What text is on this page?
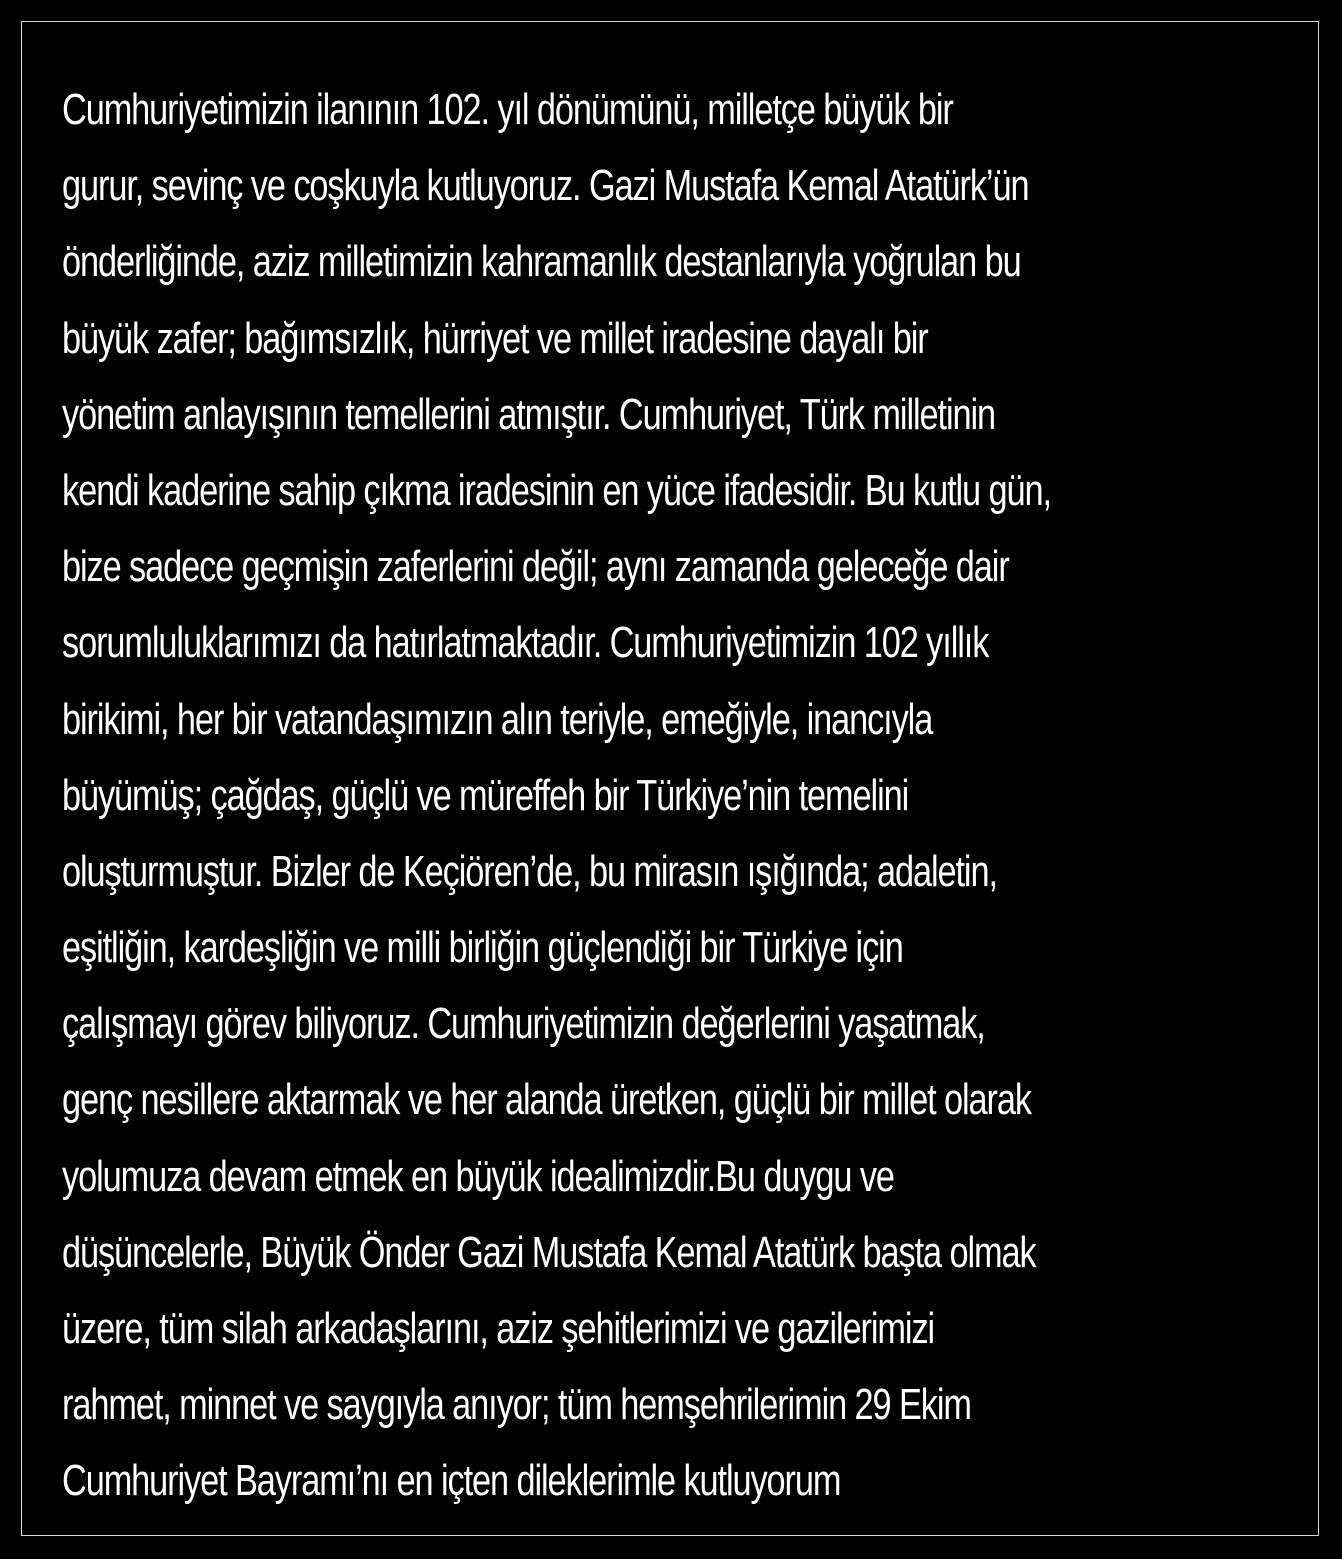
Cumhuriyetimizin ilanının 102. yıl dönümünü, milletçe büyük bir
gurur, sevinç ve coşkuyla kutluyoruz. Gazi Mustafa Kemal Atatürk’ün
önderliğinde, aziz milletimizin kahramanlık destanlarıyla yoğrulan bu
büyük zafer; bağımsızlık, hürriyet ve millet iradesine dayalı bir
yönetim anlayışının temellerini atmıştır. Cumhuriyet, Türk milletinin
kendi kaderine sahip çıkma iradesinin en yüce ifadesidir. Bu kutlu gün,
bize sadece geçmişin zaferlerini değil; aynı zamanda geleceğe dair
sorumluluklarımızı da hatırlatmaktadır. Cumhuriyetimizin 102 yıllık
birikimi, her bir vatandaşımızın alın teriyle, emeğiyle, inancıyla
büyümüş; çağdaş, güçlü ve müreffeh bir Türkiye’nin temelini
oluşturmuştur. Bizler de Keçiören’de, bu mirasın ışığında; adaletin,
eşitliğin, kardeşliğin ve milli birliğin güçlendiği bir Türkiye için
çalışmayı görev biliyoruz. Cumhuriyetimizin değerlerini yaşatmak,
genç nesillere aktarmak ve her alanda üretken, güçlü bir millet olarak
yolumuza devam etmek en büyük idealimizdir.Bu duygu ve
düşüncelerle, Büyük Önder Gazi Mustafa Kemal Atatürk başta olmak
üzere, tüm silah arkadaşlarını, aziz şehitlerimizi ve gazilerimizi
rahmet, minnet ve saygıyla anıyor; tüm hemşehrilerimin 29 Ekim
Cumhuriyet Bayramı’nı en içten dileklerimle kutluyorum
